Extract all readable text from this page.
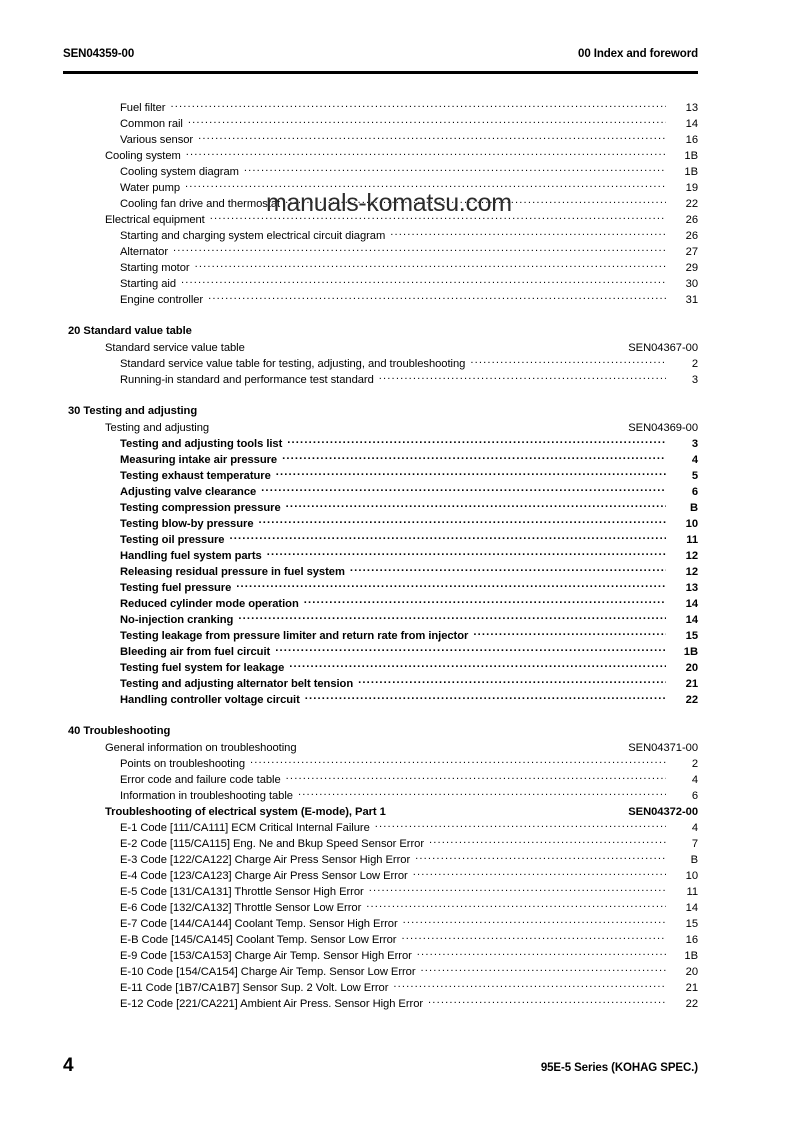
SEN04359-00	00 Index and foreword
Fuel filter .....	13
Common rail .....	14
Various sensor .....	16
Cooling system .....	1B
Cooling system diagram .....	1B
Water pump .....	19
Cooling fan drive and thermostat .....	22
Electrical equipment .....	26
Starting and charging system electrical circuit diagram .....	26
Alternator .....	27
Starting motor .....	29
Starting aid .....	30
Engine controller .....	31
20 Standard value table
Standard service value table	SEN04367-00
Standard service value table for testing, adjusting, and troubleshooting .....	2
Running-in standard and performance test standard .....	3
30 Testing and adjusting
Testing and adjusting	SEN04369-00
Testing and adjusting tools list .....	3
Measuring intake air pressure .....	4
Testing exhaust temperature .....	5
Adjusting valve clearance .....	6
Testing compression pressure .....	B
Testing blow-by pressure .....	10
Testing oil pressure .....	11
Handling fuel system parts .....	12
Releasing residual pressure in fuel system .....	12
Testing fuel pressure .....	13
Reduced cylinder mode operation .....	14
No-injection cranking .....	14
Testing leakage from pressure limiter and return rate from injector .....	15
Bleeding air from fuel circuit .....	1B
Testing fuel system for leakage .....	20
Testing and adjusting alternator belt tension .....	21
Handling controller voltage circuit .....	22
40 Troubleshooting
General information on troubleshooting	SEN04371-00
Points on troubleshooting .....	2
Error code and failure code table .....	4
Information in troubleshooting table .....	6
Troubleshooting of electrical system (E-mode), Part 1	SEN04372-00
E-1 Code [111/CA111] ECM Critical Internal Failure .....	4
E-2 Code [115/CA115] Eng. Ne and Bkup Speed Sensor Error .....	7
E-3 Code [122/CA122] Charge Air Press Sensor High Error .....	B
E-4 Code [123/CA123] Charge Air Press Sensor Low Error .....	10
E-5 Code [131/CA131] Throttle Sensor High Error .....	11
E-6 Code [132/CA132] Throttle Sensor Low Error .....	14
E-7 Code [144/CA144] Coolant Temp. Sensor High Error .....	15
E-B Code [145/CA145] Coolant Temp. Sensor Low Error .....	16
E-9 Code [153/CA153] Charge Air Temp. Sensor High Error .....	1B
E-10 Code [154/CA154] Charge Air Temp. Sensor Low Error .....	20
E-11 Code [1B7/CA1B7] Sensor Sup. 2 Volt. Low Error .....	21
E-12 Code [221/CA221] Ambient Air Press. Sensor High Error .....	22
manuals-komatsu.com
4	95E-5 Series (KOHAG SPEC.)
